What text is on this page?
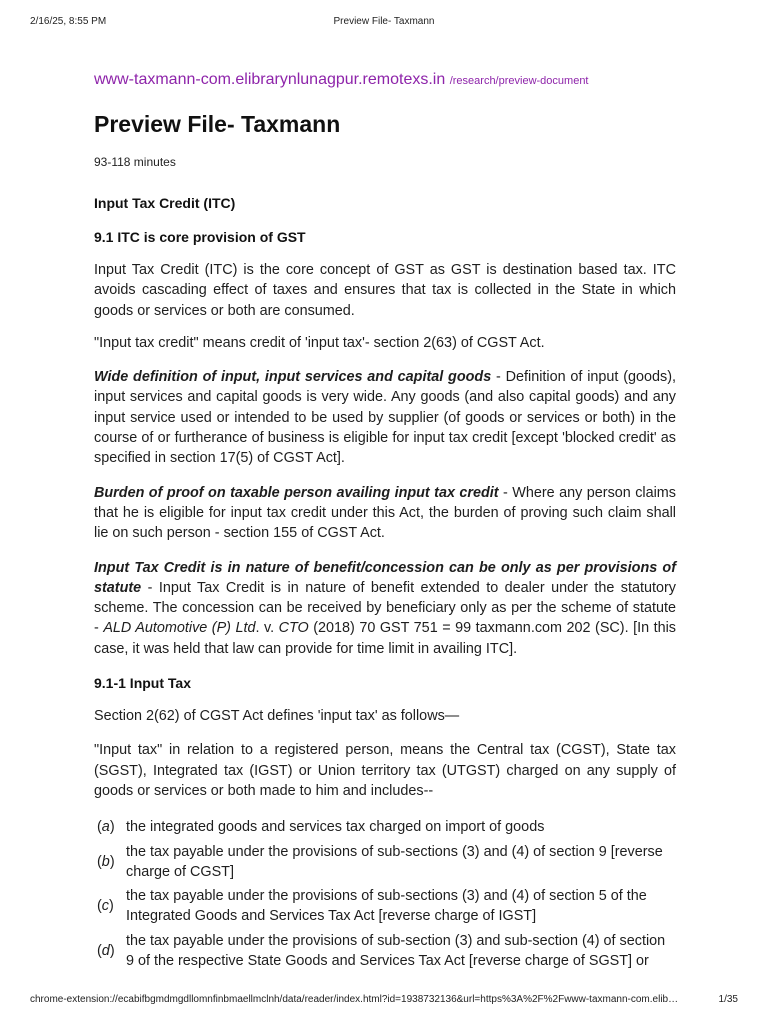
2/16/25, 8:55 PM	Preview File- Taxmann
www-taxmann-com.elibrarynlunagpur.remotexs.in /research/preview-document
Preview File- Taxmann
93-118 minutes
Input Tax Credit (ITC)
9.1 ITC is core provision of GST

Input Tax Credit (ITC) is the core concept of GST as GST is destination based tax. ITC avoids cascading effect of taxes and ensures that tax is collected in the State in which goods or services or both are consumed.

"Input tax credit" means credit of 'input tax'- section 2(63) of CGST Act.

Wide definition of input, input services and capital goods - Definition of input (goods), input services and capital goods is very wide. Any goods (and also capital goods) and any input service used or intended to be used by supplier (of goods or services or both) in the course of or furtherance of business is eligible for input tax credit [except 'blocked credit' as specified in section 17(5) of CGST Act].

Burden of proof on taxable person availing input tax credit - Where any person claims that he is eligible for input tax credit under this Act, the burden of proving such claim shall lie on such person - section 155 of CGST Act.

Input Tax Credit is in nature of benefit/concession can be only as per provisions of statute - Input Tax Credit is in nature of benefit extended to dealer under the statutory scheme. The concession can be received by beneficiary only as per the scheme of statute - ALD Automotive (P) Ltd. v. CTO (2018) 70 GST 751 = 99 taxmann.com 202 (SC). [In this case, it was held that law can provide for time limit in availing ITC].

9.1-1 Input Tax

Section 2(62) of CGST Act defines 'input tax' as follows—

"Input tax" in relation to a registered person, means the Central tax (CGST), State tax (SGST), Integrated tax (IGST) or Union territory tax (UTGST) charged on any supply of goods or services or both made to him and includes--

(a) the integrated goods and services tax charged on import of goods
(b)
the tax payable under the provisions of sub-sections (3) and (4) of section 9 [reverse charge of CGST]
(c)
the tax payable under the provisions of sub-sections (3) and (4) of section 5 of the Integrated Goods and Services Tax Act [reverse charge of IGST]
(d)
the tax payable under the provisions of sub-section (3) and sub-section (4) of section 9 of the respective State Goods and Services Tax Act [reverse charge of SGST] or
chrome-extension://ecabifbgmdmgdllomnfinbmaellmclnh/data/reader/index.html?id=1938732136&url=https%3A%2F%2Fwww-taxmann-com.elib…	1/35
